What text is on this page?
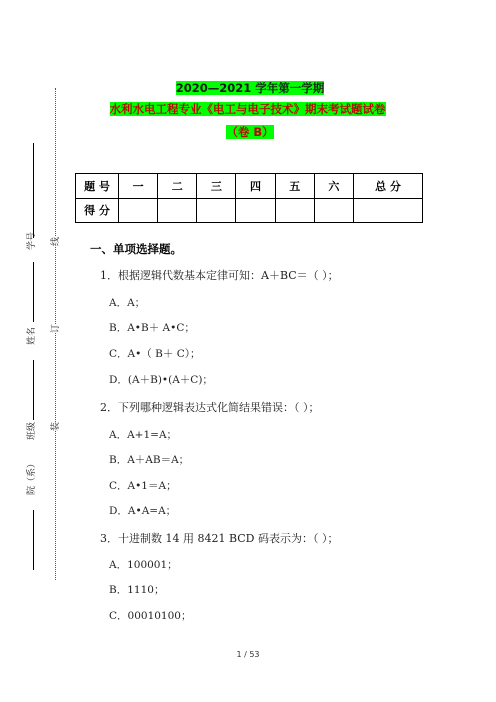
学号
姓名
班级
院（系）
线
订
装
2020—2021 学年第一学期
水利水电工程专业《电工与电子技术》期末考试题试卷
（卷 B）
题 号	一	二	三	四	五	六	总 分
得 分							
一、单项选择题。
1．根据逻辑代数基本定律可知：A＋BC＝（ ）；
A．A；
B．A•B＋ A•C；
C．A•（ B＋ C）；
D．(A＋B)•(A＋C)；
2．下列哪种逻辑表达式化简结果错误：（ ）；
A．A+1=A；
B．A＋AB＝A；
C．A•1＝A；
D．A•A=A；
3．十进制数 14 用 8421 BCD 码表示为：（ ）；
A．100001；
B．1110；
C．00010100；
1 / 53
